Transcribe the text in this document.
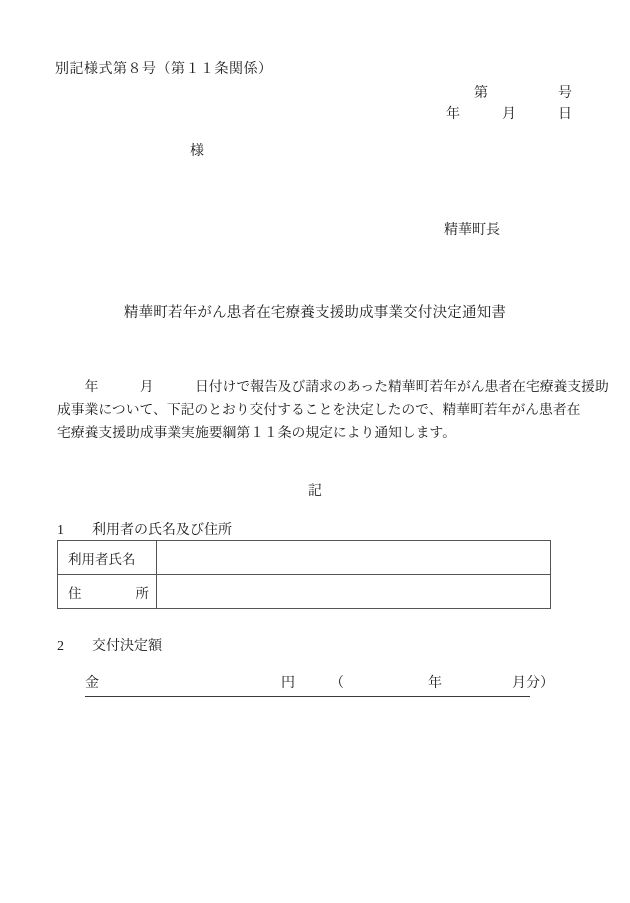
別記様式第８号（第１１条関係）
第　　　　　号
年　　　月　　　日
様
精華町長
精華町若年がん患者在宅療養支援助成事業交付決定通知書
　　年　　　月　　　日付けで報告及び請求のあった精華町若年がん患者在宅療養支援助
成事業について、下記のとおり交付することを決定したので、精華町若年がん患者在
宅療養支援助成事業実施要綱第１１条の規定により通知します。
記
1　　利用者の氏名及び住所
利用者氏名	
住　　　　所	
2　　交付決定額
金　　　　　　　　　　　　　円　　　（　　　　　　年　　　　　月分）
